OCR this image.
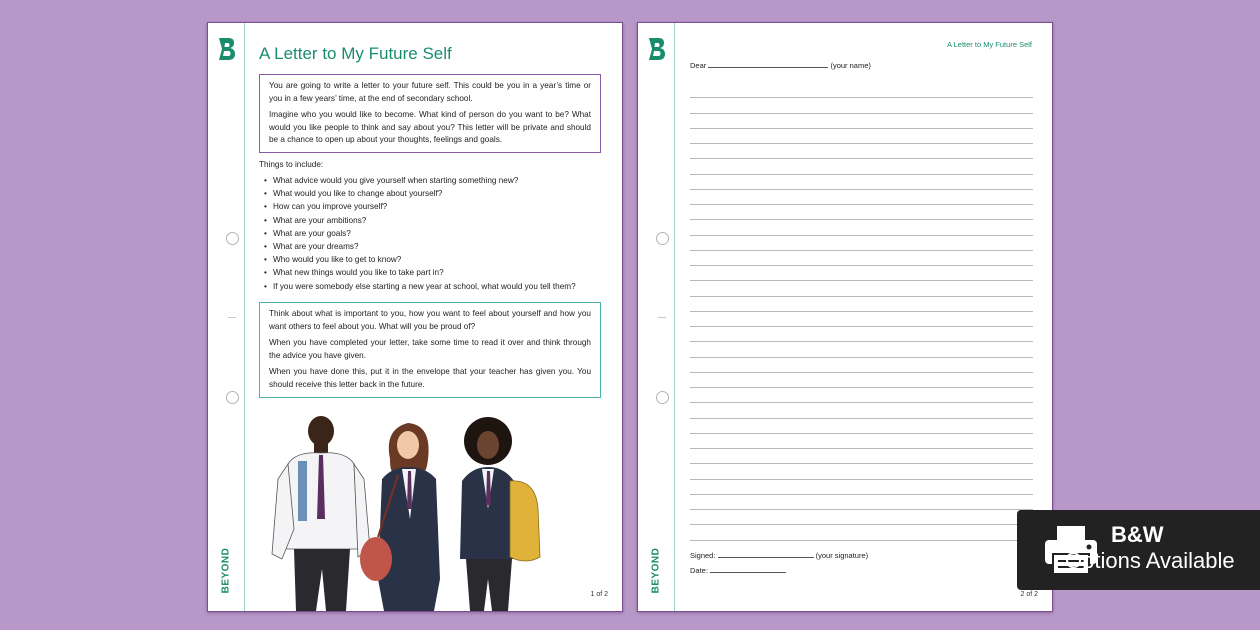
BEYOND
A Letter to My Future Self

You are going to write a letter to your future self. This could be you in a year’s time or you in a few years’ time, at the end of secondary school.

Imagine who you would like to become. What kind of person do you want to be? What would you like people to think and say about you? This letter will be private and should be a chance to open up about your thoughts, feelings and goals.

Things to include:
• What advice would you give yourself when starting something new?
• What would you like to change about yourself?
• How can you improve yourself?
• What are your ambitions?
• What are your goals?
• What are your dreams?
• Who would you like to get to know?
• What new things would you like to take part in?
• If you were somebody else starting a new year at school, what would you tell them?

Think about what is important to you, how you want to feel about yourself and how you want others to feel about you. What will you be proud of?

When you have completed your letter, take some time to read it over and think through the advice you have given.

When you have done this, put it in the envelope that your teacher has given you. You should receive this letter back in the future.

1 of 2
BEYOND
A Letter to My Future Self
Dear	(your name)
Signed:	(your signature)
Date:
2 of 2
B&W
Options Available
